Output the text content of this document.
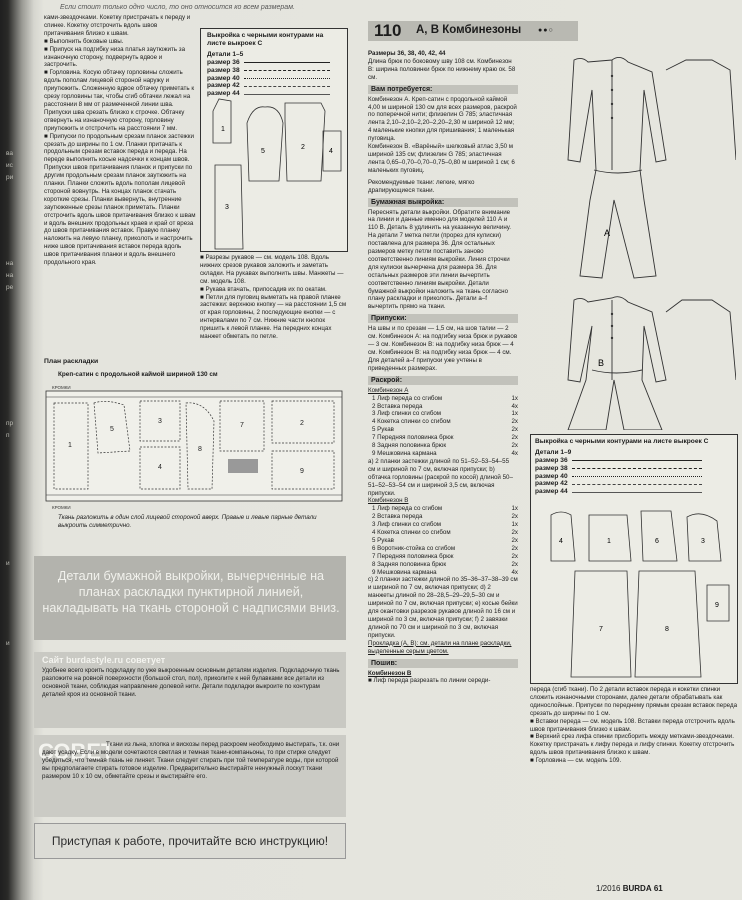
ва
ис
ри
на
на
ре
пр
п
и
и
Если стоит только одно число, то оно относится ко всем размерам.

ками-звездочками. Кокетку пристрачать к переду и спинке. Кокетку отстрочить вдоль швов притачивания близко к швам.

■ Выполнить боковые швы.

■ Припуск на подгибку низа платья заутюжить за изнаночную сторону, подвернуть вдвое и застрочить.

■ Горловина. Косую обтачку горловины сложить вдоль пополам лицевой стороной наружу и приутюжить. Сложенную вдвое обтачку приметать к срезу горловины так, чтобы сгиб обтачки лежал на расстоянии 8 мм от размеченной линии шва. Припуски шва срезать близко к строчке. Обтачку отвернуть на изнаночную сторону, горловину приутюжить и отстрочить на расстоянии 7 мм.

■ Припуски по продольным срезам планок застежки срезать до ширины по 1 см. Планки притачать к продольным срезам вставок переда и переда. На переде выполнить косые надсечки к концам швов. Припуски швов притачивания планок и припуски по другим продольным срезам планок заутюжить на планки. Планки сложить вдоль пополам лицевой стороной вовнутрь. На концах планок стачать короткие срезы. Планки вывернуть, внутренние заутюженные срезы планок приметать. Планки отстрочить вдоль швов притачивания близко к швам и вдоль внешних продольных краев и край от вреза до швов притачивания вставок. Правую планку наложить на левую планку, приколоть и настрочить ниже швов притачивания вставок переда вдоль швов притачивания планки и вдоль внешнего продольного края.

Выкройка с черными контурами на листе выкроек С
Детали 1–5
размер 36
размер 38
размер 40
размер 42
размер 44
1
3
5
2
4

■ Разрезы рукавов — см. модель 108. Вдоль нижних срезов рукавов заложить и заметать складки. На рукавах выполнить швы. Манжеты — см. модель 108.

■ Рукава втачать, припосадив их по окатам.

■ Петли для пуговиц выметать на правой планке застежки: верхнюю кнопку — на расстоянии 1,5 см от края горловины, 2 последующие кнопки — с интервалами по 7 см. Нижние части кнопок пришить к левой планке. На передних концах манжет обметать по петле.

План раскладки
Креп-сатин с продольной каймой шириной 130 см
КРОМКИ
КРОМКИ
1
5
3
4
8
7	2
9
Ткань разложить в один слой лицевой стороной вверх. Правые и левые парные детали выкроить симметрично.
Детали бумажной выкройки, вычерченные на планах раскладки пунктирной линией, накладывать на ткань стороной с надписями вниз.
Сайт burdastyle.ru советует
Удобнее всего кроить подкладку по уже выкроенным основным деталям изделия. Подкладочную ткань разложите на ровной поверхности (большой стол, пол), приколите к ней булавками все детали из основной ткани, соблюдая направление долевой нити. Детали подкладки выкроите по контурам деталей кроя из основной ткани.
СОВЕТ
Ткани из льна, хлопка и вискозы перед раскроем необходимо выстирать, т.к. они дают усадку. Если в модели сочетаются светлая и темная ткани-компаньоны, то при стирке следует убедиться, что темная ткань не линяет. Ткани следует стирать при той температуре воды, при которой вы предполагаете стирать готовое изделие. Предварительно выстирайте ненужный лоскут ткани размером 10 х 10 см, обметайте срезы и выстирайте его.
Приступая к работе, прочитайте всю инструкцию!
110 А, В Комбинезоны ●●○

Размеры 36, 38, 40, 42, 44

Длина брюк по боковому шву 108 см. Комбинезон В: ширина половинки брюк по нижнему краю ок. 58 см.

Вам потребуется:

Комбинезон А. Креп-сатин с продольной каймой 4,00 м шириной 130 см для всех размеров, раскрой по поперечной нити; флизелин G 785; эластичная лента 2,10–2,10–2,20–2,20–2,30 м шириной 12 мм; 4 маленькие кнопки для пришивания; 1 маленькая пуговица.

Комбинезон В. «Варёный» шелковый атлас 3,50 м шириной 135 см; флизелин G 785; эластичная лента 0,65–0,70–0,70–0,75–0,80 м шириной 1 см; 6 маленьких пуговиц.

Рекомендуемые ткани: легкие, мягко драпирующиеся ткани.

Бумажная выкройка:

Переснять детали выкройки. Обратите внимание на линии и данные именно для моделей 110 А и 110 В. Деталь 8 удлинить на указанную величину. На детали 7 метка петли (прорез для кулиски) поставлена для размера 36. Для остальных размеров метку петли поставить заново соответственно линиям выкройки. Линия строчки для кулиски вычерчена для размера 36. Для остальных размеров эти линии вычертить соответственно линиям выкройки. Детали бумажной выкройки наложить на ткань согласно плану раскладки и приколоть. Детали а–f вычертить прямо на ткани.

Припуски:

На швы и по срезам — 1,5 см, на шов талии — 2 см. Комбинезон А: на подгибку низа брюк и рукавов — 3 см. Комбинезон В: на подгибку низа брюк — 4 см. Комбинезон В: на подгибку низа брюк — 4 см. Для деталей а–f припуски уже учтены в приведенных размерах.

Раскрой:

Комбинезон А

1 Лиф переда со сгибом	1х
2 Вставка переда	4х
3 Лиф спинки со сгибом	1х
4 Кокетка спинки со сгибом	2х
5 Рукав	2х
7 Передняя половинка брюк	2х
8 Задняя половинка брюк	2х
9 Мешковина кармана	4х

а) 2 планки застежки длиной по 51–52–53–54–55 см и шириной по 7 см, включая припуски; b) обтачка горловины (раскрой по косой) длиной 50–51–52–53–54 см и шириной 3,5 см, включая припуски.

Комбинезон В

1 Лиф переда со сгибом	1х
2 Вставка переда	2х
3 Лиф спинки со сгибом	1х
4 Кокетка спинки со сгибом	2х
5 Рукав	2х
6 Воротник-стойка со сгибом	2х
7 Передняя половинка брюк	2х
8 Задняя половинка брюк	2х
9 Мешковина кармана	4х

c) 2 планки застежки длиной по 35–36–37–38–39 см и шириной по 7 см, включая припуски; d) 2 манжеты длиной по 28–28,5–29–29,5–30 см и шириной по 7 см, включая припуски; e) косые бейки для окантовки разрезов рукавов длиной по 16 см и шириной по 3 см, включая припуски; f) 2 завязки длиной по 70 см и шириной по 3 см, включая припуски.

Прокладка (А, В): см. детали на плане раскладки, выделенные серым цветом.

Пошив:

Комбинезон В

■ Лиф переда разрезать по линии середи-

А
В
Выкройка с черными контурами на листе выкроек С
Детали 1–9
размер 36
размер 38
размер 40
размер 42
размер 44
4	1	6	3
7	8
9

переда (сгиб ткани). По 2 детали вставок переда и кокетки спинки сложить изнаночными сторонами, далее детали обрабатывать как одинослойные. Припуски по переднему прямым срезам вставок переда срезать до ширины по 1 см.

■ Вставки переда — см. модель 108. Вставки переда отстрочить вдоль швов притачивания близко к швам.

■ Верхний срез лифа спинки присборить между метками-звездочками. Кокетку пристрачать к лифу переда и лифу спинки. Кокетку отстрочить вдоль швов притачивания близко к швам.

■ Горловина — см. модель 109.

1/2016 BURDA 61
